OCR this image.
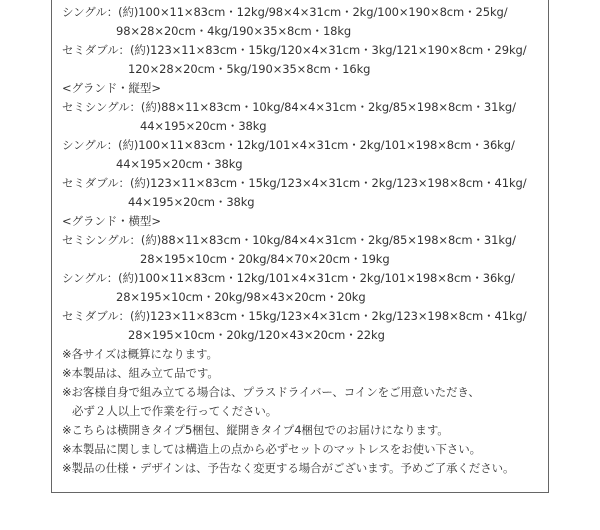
シングル：(約)100×11×83cm・12kg/98×4×31cm・2kg/100×190×8cm・25kg/
98×28×20cm・4kg/190×35×8cm・18kg
セミダブル：(約)123×11×83cm・15kg/120×4×31cm・3kg/121×190×8cm・29kg/
120×28×20cm・5kg/190×35×8cm・16kg
<グランド・縦型>
セミシングル：(約)88×11×83cm・10kg/84×4×31cm・2kg/85×198×8cm・31kg/
44×195×20cm・38kg
シングル：(約)100×11×83cm・12kg/101×4×31cm・2kg/101×198×8cm・36kg/
44×195×20cm・38kg
セミダブル：(約)123×11×83cm・15kg/123×4×31cm・2kg/123×198×8cm・41kg/
44×195×20cm・38kg
<グランド・横型>
セミシングル：(約)88×11×83cm・10kg/84×4×31cm・2kg/85×198×8cm・31kg/
28×195×10cm・20kg/84×70×20cm・19kg
シングル：(約)100×11×83cm・12kg/101×4×31cm・2kg/101×198×8cm・36kg/
28×195×10cm・20kg/98×43×20cm・20kg
セミダブル：(約)123×11×83cm・15kg/123×4×31cm・2kg/123×198×8cm・41kg/
28×195×10cm・20kg/120×43×20cm・22kg
※各サイズは概算になります。
※本製品は、組み立て品です。
※お客様自身で組み立てる場合は、プラスドライバー、コインをご用意いただき、
必ず２人以上で作業を行ってください。
※こちらは横開きタイプ5梱包、縦開きタイプ4梱包でのお届けになります。
※本製品に関しましては構造上の点から必ずセットのマットレスをお使い下さい。
※製品の仕様・デザインは、予告なく変更する場合がございます。予めご了承ください。
